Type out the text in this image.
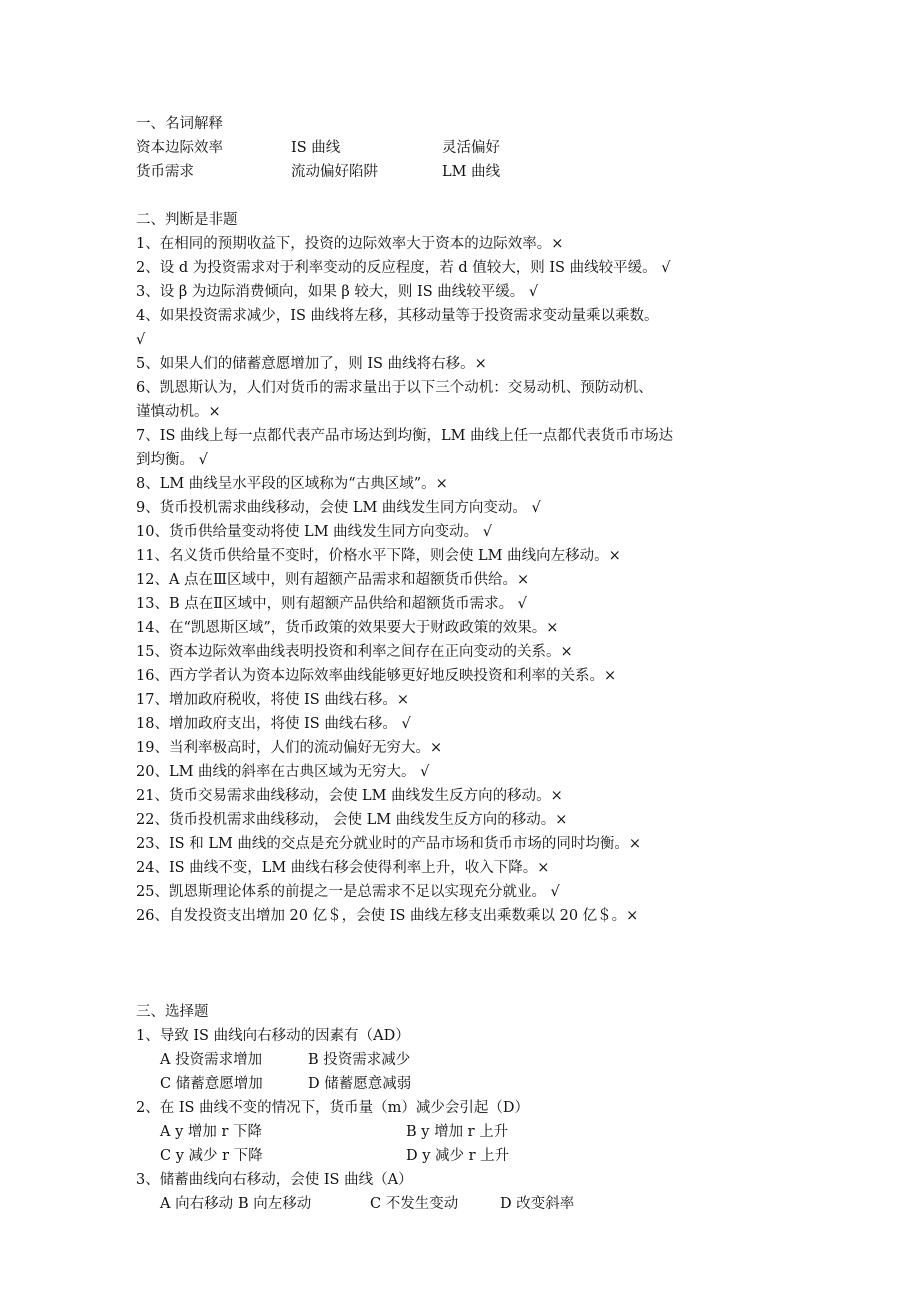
一、名词解释
资本边际效率	IS 曲线	灵活偏好
货币需求	流动偏好陷阱	LM 曲线
二、判断是非题
1、在相同的预期收益下，投资的边际效率大于资本的边际效率。×
2、设 d 为投资需求对于利率变动的反应程度，若 d 值较大，则 IS 曲线较平缓。 √
3、设 β 为边际消费倾向，如果 β 较大，则 IS 曲线较平缓。 √
4、如果投资需求减少，IS 曲线将左移，其移动量等于投资需求变动量乘以乘数。
√
5、如果人们的储蓄意愿增加了，则 IS 曲线将右移。×
6、凯恩斯认为，人们对货币的需求量出于以下三个动机：交易动机、预防动机、
谨慎动机。×
7、IS 曲线上每一点都代表产品市场达到均衡，LM 曲线上任一点都代表货币市场达
到均衡。 √
8、LM 曲线呈水平段的区域称为“古典区域”。×
9、货币投机需求曲线移动，会使 LM 曲线发生同方向变动。 √
10、货币供给量变动将使 LM 曲线发生同方向变动。 √
11、名义货币供给量不变时，价格水平下降，则会使 LM 曲线向左移动。×
12、A 点在Ⅲ区域中，则有超额产品需求和超额货币供给。×
13、B 点在Ⅱ区域中，则有超额产品供给和超额货币需求。 √
14、在“凯恩斯区域”，货币政策的效果要大于财政政策的效果。×
15、资本边际效率曲线表明投资和利率之间存在正向变动的关系。×
16、西方学者认为资本边际效率曲线能够更好地反映投资和利率的关系。×
17、增加政府税收，将使 IS 曲线右移。×
18、增加政府支出，将使 IS 曲线右移。 √
19、当利率极高时，人们的流动偏好无穷大。×
20、LM 曲线的斜率在古典区域为无穷大。 √
21、货币交易需求曲线移动，会使 LM 曲线发生反方向的移动。×
22、货币投机需求曲线移动， 会使 LM 曲线发生反方向的移动。×
23、IS 和 LM 曲线的交点是充分就业时的产品市场和货币市场的同时均衡。×
24、IS 曲线不变，LM 曲线右移会使得利率上升，收入下降。×
25、凯恩斯理论体系的前提之一是总需求不足以实现充分就业。 √
26、自发投资支出增加 20 亿＄，会使 IS 曲线左移支出乘数乘以 20 亿＄。×
三、选择题
1、导致 IS 曲线向右移动的因素有（AD）
A 投资需求增加	B 投资需求减少
C 储蓄意愿增加	D 储蓄愿意减弱
2、在 IS 曲线不变的情况下，货币量（m）减少会引起（D）
A y 增加 r 下降	B y 增加 r 上升
C y 减少 r 下降	D y 减少 r 上升
3、储蓄曲线向右移动，会使 IS 曲线（A）
A 向右移动 B 向左移动	C 不发生变动	D 改变斜率
